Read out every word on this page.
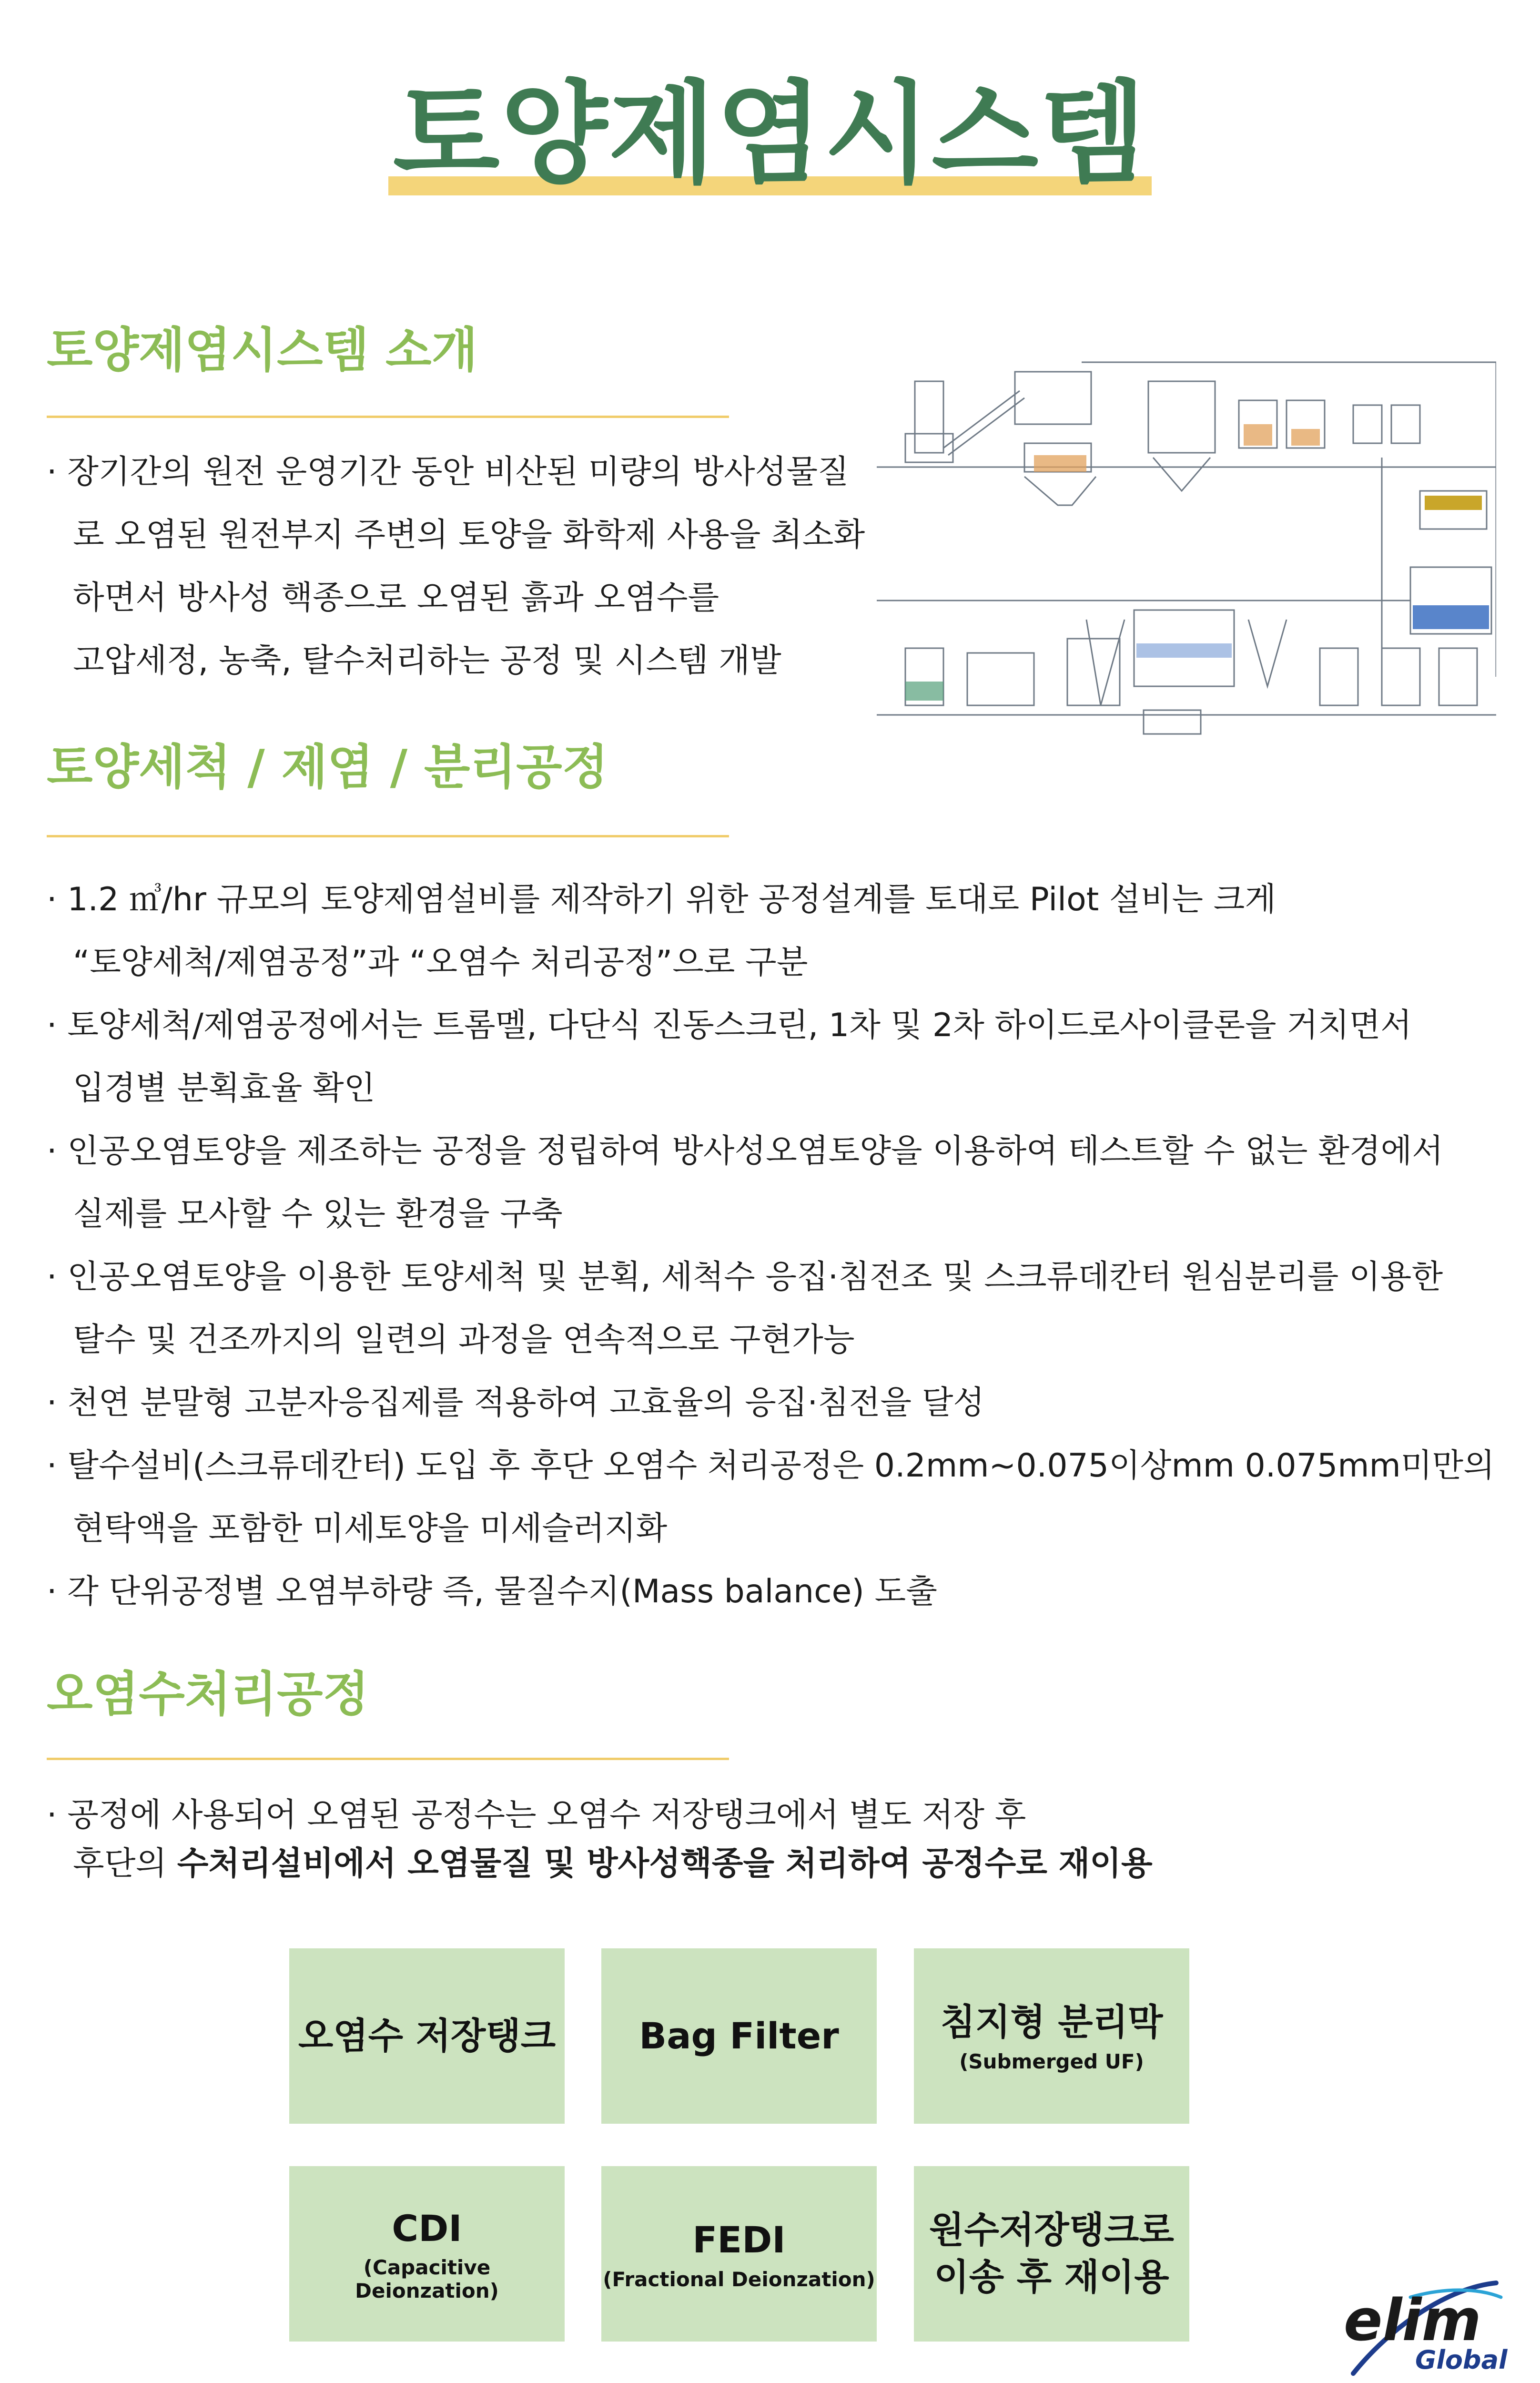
토양제염시스템
토양제염시스템 소개
· 장기간의 원전 운영기간 동안 비산된 미량의 방사성물질
로 오염된 원전부지 주변의 토양을 화학제 사용을 최소화
하면서 방사성 핵종으로 오염된 흙과 오염수를
고압세정, 농축, 탈수처리하는 공정 및 시스템 개발
토양세척 / 제염 / 분리공정
· 1.2 ㎥/hr 규모의 토양제염설비를 제작하기 위한 공정설계를 토대로 Pilot 설비는 크게
“토양세척/제염공정”과 “오염수 처리공정”으로 구분
· 토양세척/제염공정에서는 트롬멜, 다단식 진동스크린, 1차 및 2차 하이드로사이클론을 거치면서
입경별 분획효율 확인
· 인공오염토양을 제조하는 공정을 정립하여 방사성오염토양을 이용하여 테스트할 수 없는 환경에서
실제를 모사할 수 있는 환경을 구축
· 인공오염토양을 이용한 토양세척 및 분획, 세척수 응집·침전조 및 스크류데칸터 원심분리를 이용한
탈수 및 건조까지의 일련의 과정을 연속적으로 구현가능
· 천연 분말형 고분자응집제를 적용하여 고효율의 응집·침전을 달성
· 탈수설비(스크류데칸터) 도입 후 후단 오염수 처리공정은 0.2mm~0.075이상mm 0.075mm미만의
현탁액을 포함한 미세토양을 미세슬러지화
· 각 단위공정별 오염부하량 즉, 물질수지(Mass balance) 도출
오염수처리공정
· 공정에 사용되어 오염된 공정수는 오염수 저장탱크에서 별도 저장 후
후단의 수처리설비에서 오염물질 및 방사성핵종을 처리하여 공정수로 재이용
오염수 저장탱크 Bag Filter	침지형 분리막
(Submerged UF)
CDI
(Capacitive Deionzation)
FEDI
(Fractional Deionzation)
원수저장탱크로
이송 후 재이용
elim
Global
